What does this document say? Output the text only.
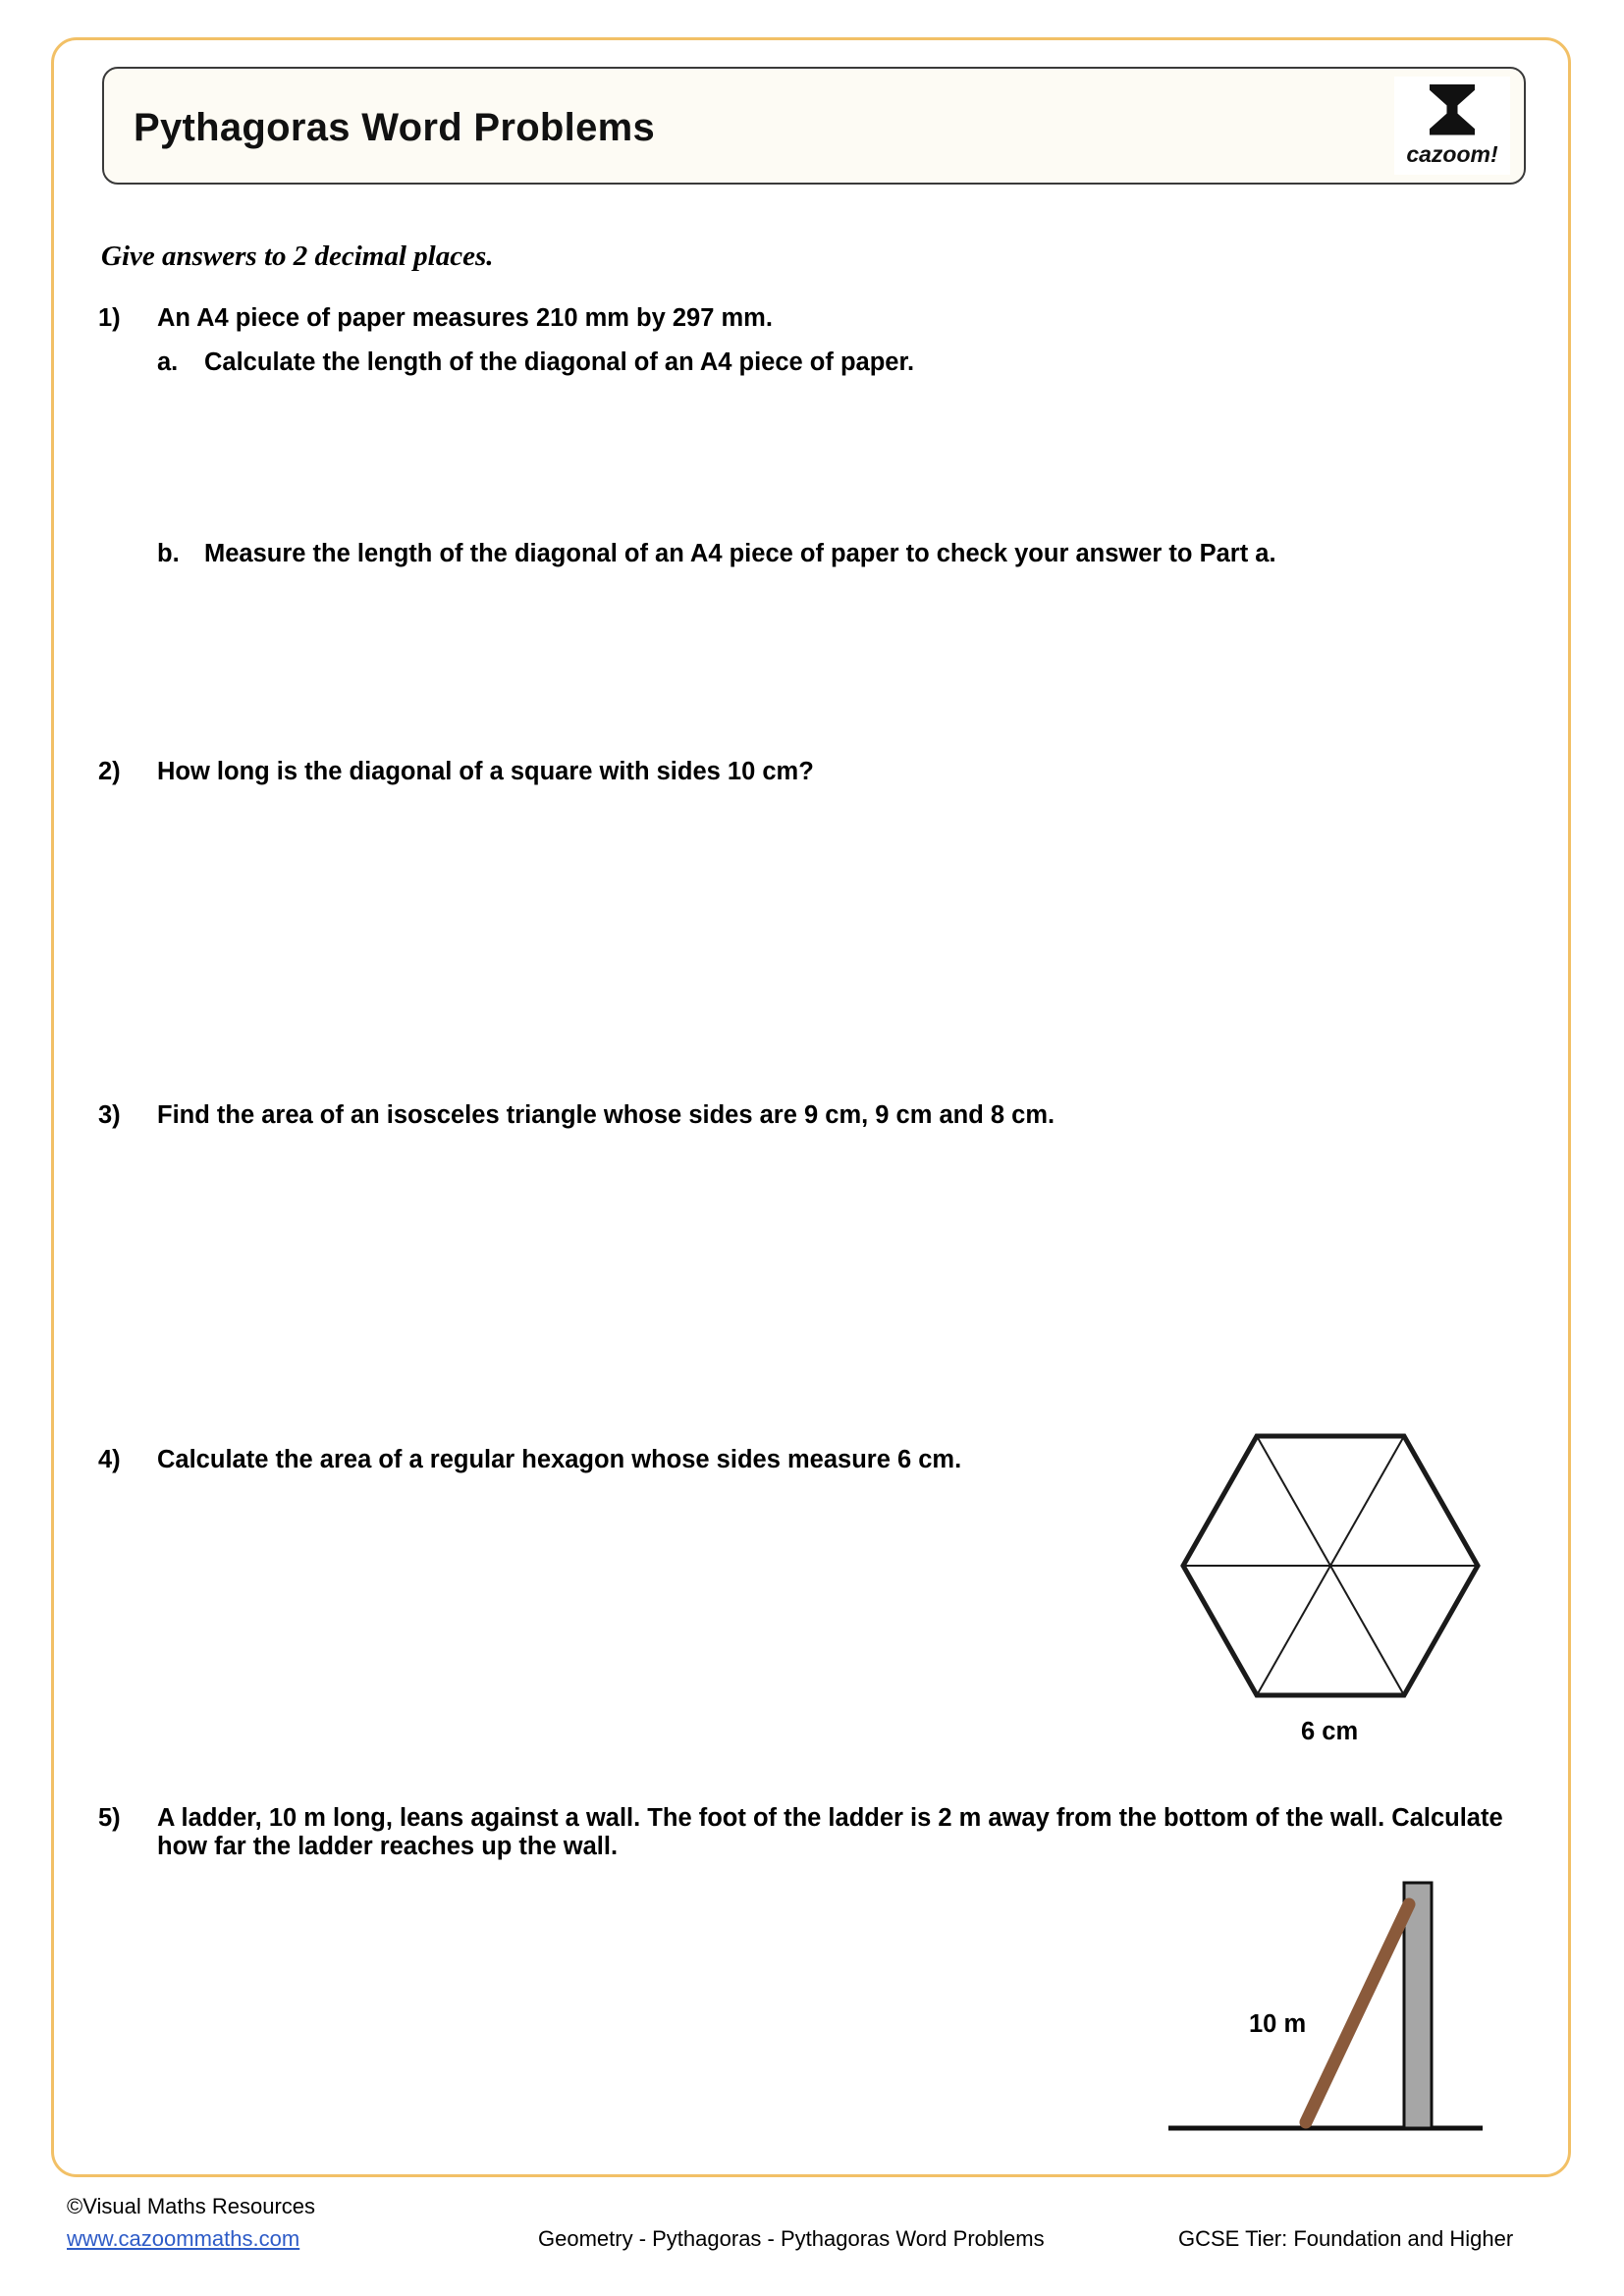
Pythagoras Word Problems
cazoom!
Give answers to 2 decimal places.
1) An A4 piece of paper measures 210 mm by 297 mm.
a. Calculate the length of the diagonal of an A4 piece of paper.
b. Measure the length of the diagonal of an A4 piece of paper to check your answer to Part a.
2) How long is the diagonal of a square with sides 10 cm?
3) Find the area of an isosceles triangle whose sides are 9 cm, 9 cm and 8 cm.
4) Calculate the area of a regular hexagon whose sides measure 6 cm.
6 cm
5) A ladder, 10 m long, leans against a wall. The foot of the ladder is 2 m away from the bottom of the wall. Calculate how far the ladder reaches up the wall.
10 m
©Visual Maths Resources
www.cazoommaths.com	Geometry - Pythagoras - Pythagoras Word Problems	GCSE Tier: Foundation and Higher
